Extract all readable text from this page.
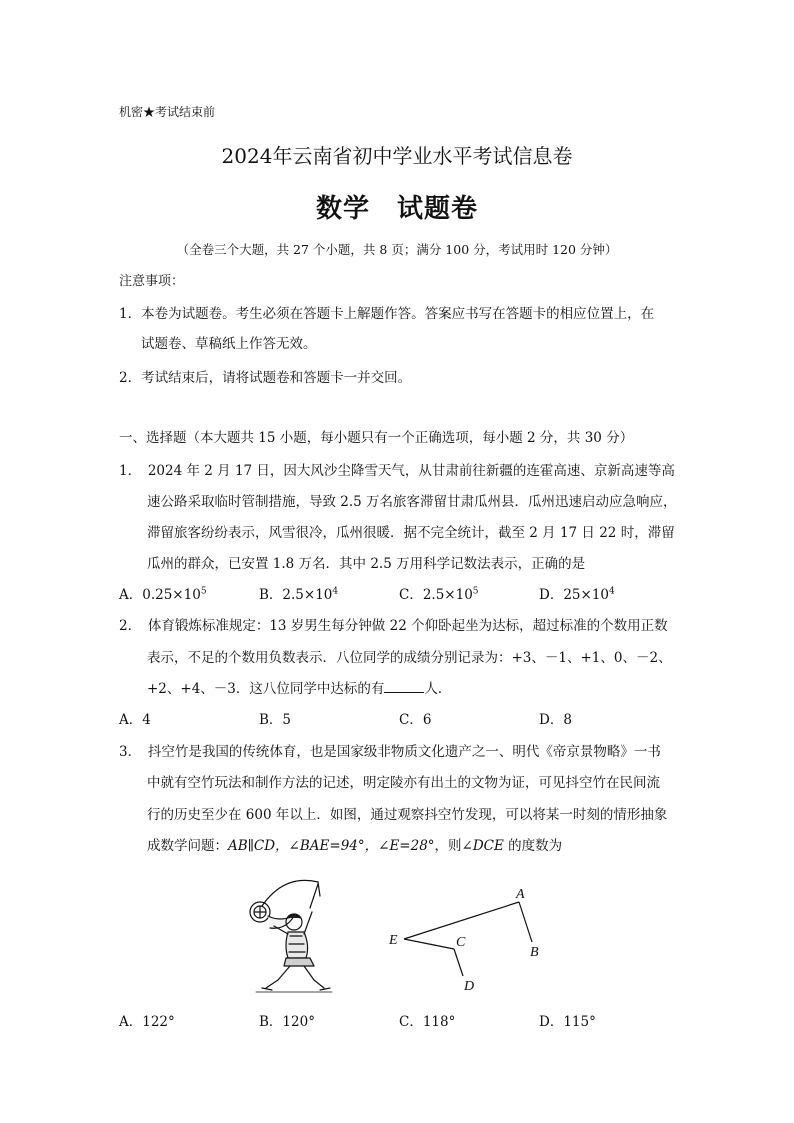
机密★考试结束前
2024年云南省初中学业水平考试信息卷
数学　试题卷
（全卷三个大题，共 27 个小题，共 8 页；满分 100 分，考试用时 120 分钟）
注意事项：
1．本卷为试题卷。考生必须在答题卡上解题作答。答案应书写在答题卡的相应位置上，在
试题卷、草稿纸上作答无效。
2．考试结束后，请将试题卷和答题卡一并交回。
一、选择题（本大题共 15 小题，每小题只有一个正确选项，每小题 2 分，共 30 分）
1．　2024 年 2 月 17 日，因大风沙尘降雪天气，从甘肃前往新疆的连霍高速、京新高速等高
速公路采取临时管制措施，导致 2.5 万名旅客滞留甘肃瓜州县．瓜州迅速启动应急响应，
滞留旅客纷纷表示，风雪很冷，瓜州很暖．据不完全统计，截至 2 月 17 日 22 时，滞留
瓜州的群众，已安置 1.8 万名．其中 2.5 万用科学记数法表示，正确的是
A．$0.25\times 10^5$	B．$2.5\times 10^4$	C．$2.5\times 10^5$	D．$25\times 10^4$
2．　体育锻炼标准规定：13 岁男生每分钟做 22 个仰卧起坐为达标，超过标准的个数用正数
表示，不足的个数用负数表示．八位同学的成绩分别记录为：+3、－1、+1、0、－2、
+2、+4、－3．这八位同学中达标的有	人．
A．4	B．5	C．6	D．8
3．　抖空竹是我国的传统体育，也是国家级非物质文化遗产之一、明代《帝京景物略》一书
中就有空竹玩法和制作方法的记述，明定陵亦有出土的文物为证，可见抖空竹在民间流
行的历史至少在 600 年以上．如图，通过观察抖空竹发现，可以将某一时刻的情形抽象
成数学问题：AB∥CD，∠BAE=94°，∠E=28°，则∠DCE 的度数为
A
B
C
D
E
A．122°	B．120°	C．118°	D．115°
